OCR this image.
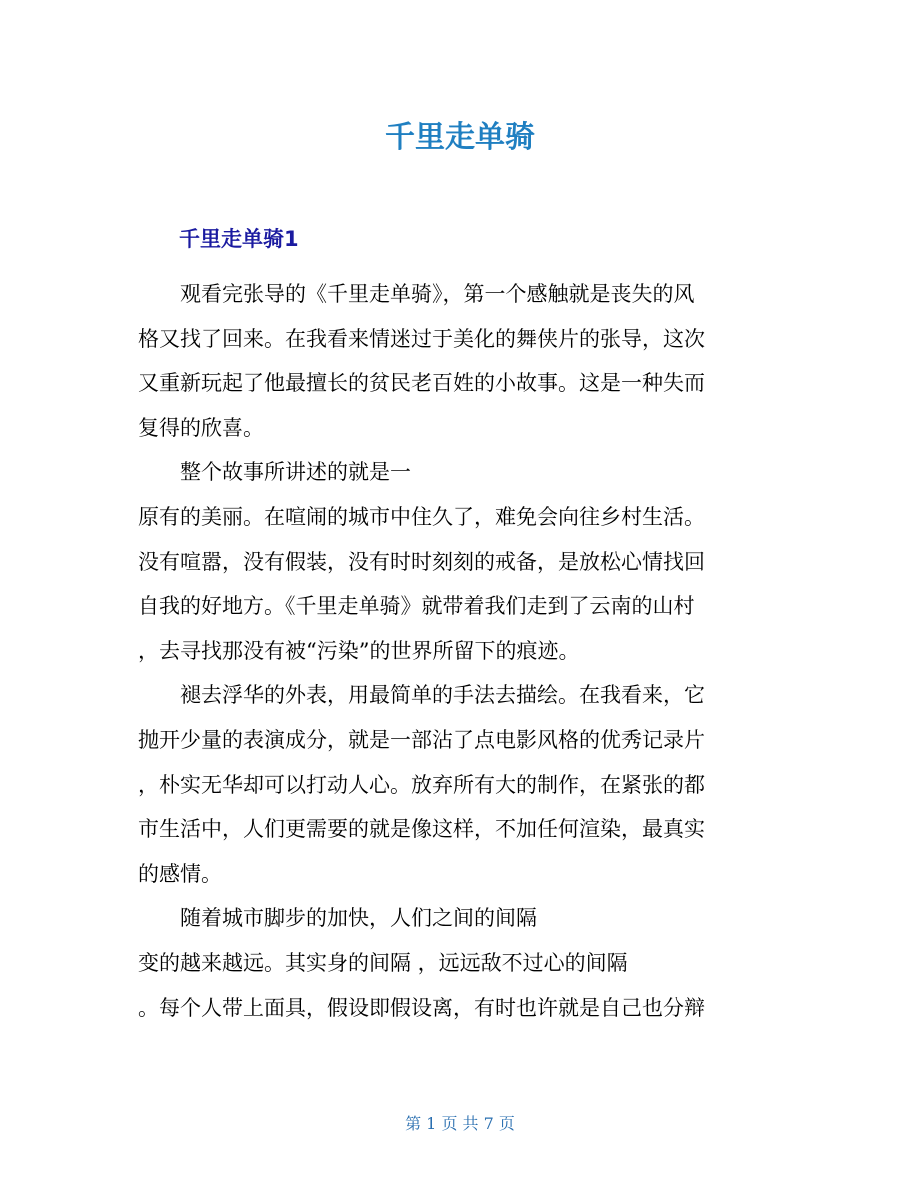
千里走单骑
千里走单骑1
观看完张导的《千里走单骑》，第一个感触就是丧失的风
格又找了回来。在我看来情迷过于美化的舞侠片的张导，这次
又重新玩起了他最擅长的贫民老百姓的小故事。这是一种失而
复得的欣喜。
整个故事所讲述的就是一
原有的美丽。在喧闹的城市中住久了，难免会向往乡村生活。
没有喧嚣，没有假装，没有时时刻刻的戒备，是放松心情找回
自我的好地方。《千里走单骑》就带着我们走到了云南的山村
，去寻找那没有被“污染”的世界所留下的痕迹。
褪去浮华的外表，用最简单的手法去描绘。在我看来，它
抛开少量的表演成分，就是一部沾了点电影风格的优秀记录片
，朴实无华却可以打动人心。放弃所有大的制作，在紧张的都
市生活中，人们更需要的就是像这样，不加任何渲染，最真实
的感情。
随着城市脚步的加快，人们之间的间隔
变的越来越远。其实身的间隔 ，远远敌不过心的间隔
。每个人带上面具，假设即假设离，有时也许就是自己也分辩
第 1 页 共 7 页
